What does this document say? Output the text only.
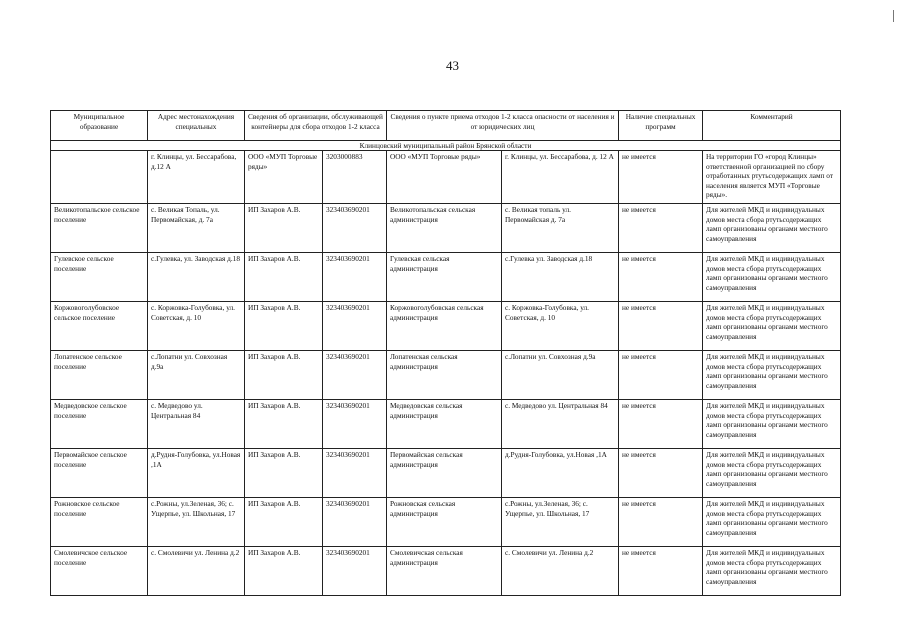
43
Муниципальное образование	Адрес местонахождения специальных	Сведения об организации, обслуживающей контейнеры для сбора отходов 1-2 класса		Сведения о пункте приема отходов 1-2 класса опасности от населения и от юридических лиц		Наличие специальных программ	Комментарий
Клинцовский муниципальный район Брянской области							
	г. Клинцы, ул. Бессарабова, д.12 А	ООО «МУП Торговые ряды»	3203000883	ООО «МУП Торговые ряды»	г. Клинцы, ул. Бессарабова, д. 12 А	не имеется	На территории ГО «город Клинцы» ответственной организацией по сбору отработанных ртутьсодержащих ламп от населения является МУП «Торговые ряды».
Великотопальское сельское поселение	с. Великая Топаль, ул. Первомайская, д. 7а	ИП Захаров А.В.	323403690201	Великотопальская сельская администрация	с. Великая топаль ул. Первомайская д. 7а	не имеется	Для жителей МКД и индивидуальных домов места сбора ртутьсодержащих ламп организованы органами местного самоуправления
Гулевское сельское поселение	с.Гулевка, ул. Заводская д.18	ИП Захаров А.В.	323403690201	Гулевская сельская администрация	с.Гулевка ул. Заводская д.18	не имеется	Для жителей МКД и индивидуальных домов места сбора ртутьсодержащих ламп организованы органами местного самоуправления
Коржовоголубовское сельское поселение	с. Коржовка-Голубовка, ул. Советская, д. 10	ИП Захаров А.В.	323403690201	Коржовоголубовская сельская администрация	с. Коржовка-Голубовка, ул. Советская, д. 10	не имеется	Для жителей МКД и индивидуальных домов места сбора ртутьсодержащих ламп организованы органами местного самоуправления
Лопатенское сельское поселение	с.Лопатни ул. Совхозная д.9а	ИП Захаров А.В.	323403690201	Лопатенская сельская администрация	с.Лопатни ул. Совхозная д.9а	не имеется	Для жителей МКД и индивидуальных домов места сбора ртутьсодержащих ламп организованы органами местного самоуправления
Медведовское сельское поселение	с. Медведово ул. Центральная 84	ИП Захаров А.В.	323403690201	Медведовская сельская администрация	с. Медведово ул. Центральная 84	не имеется	Для жителей МКД и индивидуальных домов места сбора ртутьсодержащих ламп организованы органами местного самоуправления
Первомайское сельское поселение	д.Рудня-Голубовка, ул.Новая ,1А	ИП Захаров А.В.	323403690201	Первомайская сельская администрация	д.Рудня-Голубовка, ул.Новая ,1А	не имеется	Для жителей МКД и индивидуальных домов места сбора ртутьсодержащих ламп организованы органами местного самоуправления
Рожновское сельское поселение	с.Рожны, ул.Зеленая, 36; с. Ущерпье, ул. Школьная, 17	ИП Захаров А.В.	323403690201	Рожновская сельская администрация	с.Рожны, ул.Зеленая, 36; с. Ущерпье, ул. Школьная, 17	не имеется	Для жителей МКД и индивидуальных домов места сбора ртутьсодержащих ламп организованы органами местного самоуправления
Смолевичское сельское поселение	с. Смолевичи ул. Ленина д.2	ИП Захаров А.В.	323403690201	Смолевичская сельская администрация	с. Смолевичи ул. Ленина д.2	не имеется	Для жителей МКД и индивидуальных домов места сбора ртутьсодержащих ламп организованы органами местного самоуправления
